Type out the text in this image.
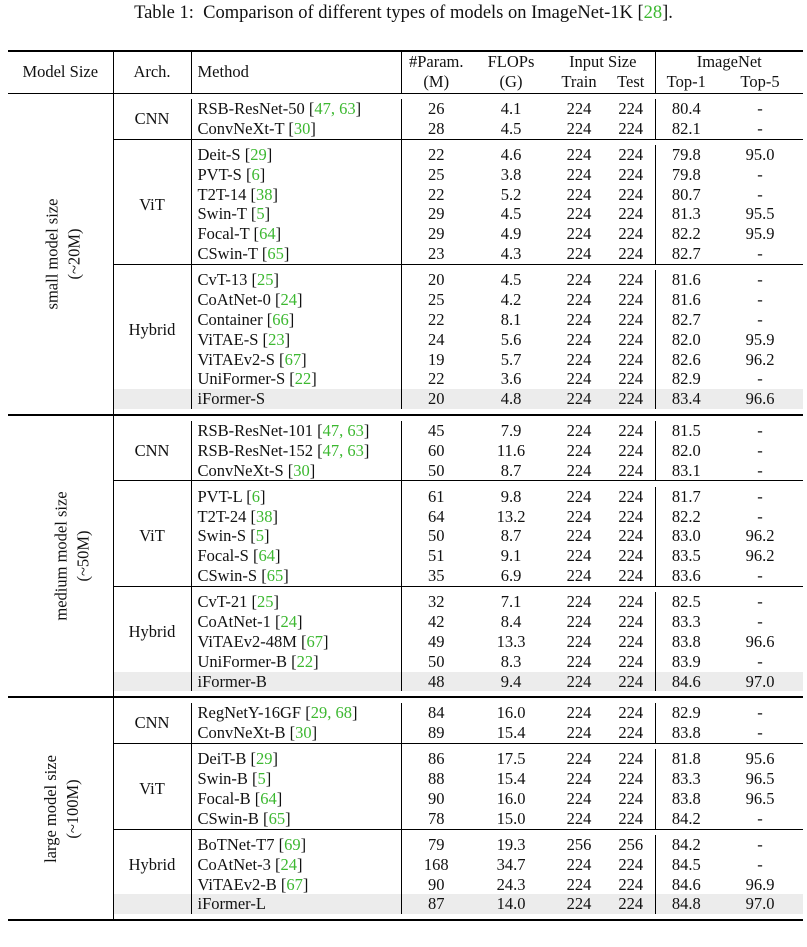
Table 1: Comparison of different types of models on ImageNet-1K [28].
Model Size	Arch.	Method	#Param.	FLOPs	Input Size		ImageNet	
			(M)	(G)	Train	Test	Top-1	Top-5

small model size (~20M)								

	CNN	RSB-ResNet-50 [47, 63]	26	4.1	224	224	80.4	-
		ConvNeXt-T [30]	28	4.5	224	224	82.1	-

	ViT	Deit-S [29]	22	4.6	224	224	79.8	95.0
		PVT-S [6]	25	3.8	224	224	79.8	-
		T2T-14 [38]	22	5.2	224	224	80.7	-
		Swin-T [5]	29	4.5	224	224	81.3	95.5
		Focal-T [64]	29	4.9	224	224	82.2	95.9
		CSwin-T [65]	23	4.3	224	224	82.7	-

	Hybrid	CvT-13 [25]	20	4.5	224	224	81.6	-
		CoAtNet-0 [24]	25	4.2	224	224	81.6	-
		Container [66]	22	8.1	224	224	82.7	-
		ViTAE-S [23]	24	5.6	224	224	82.0	95.9
		ViTAEv2-S [67]	19	5.7	224	224	82.6	96.2
		UniFormer-S [22]	22	3.6	224	224	82.9	-
		iFormer-S	20	4.8	224	224	83.4	96.6

medium model size (~50M)								

	CNN	RSB-ResNet-101 [47, 63]	45	7.9	224	224	81.5	-
		RSB-ResNet-152 [47, 63]	60	11.6	224	224	82.0	-
		ConvNeXt-S [30]	50	8.7	224	224	83.1	-

	ViT	PVT-L [6]	61	9.8	224	224	81.7	-
		T2T-24 [38]	64	13.2	224	224	82.2	-
		Swin-S [5]	50	8.7	224	224	83.0	96.2
		Focal-S [64]	51	9.1	224	224	83.5	96.2
		CSwin-S [65]	35	6.9	224	224	83.6	-

	Hybrid	CvT-21 [25]	32	7.1	224	224	82.5	-
		CoAtNet-1 [24]	42	8.4	224	224	83.3	-
		ViTAEv2-48M [67]	49	13.3	224	224	83.8	96.6
		UniFormer-B [22]	50	8.3	224	224	83.9	-
		iFormer-B	48	9.4	224	224	84.6	97.0

large model size (~100M)								

	CNN	RegNetY-16GF [29, 68]	84	16.0	224	224	82.9	-
		ConvNeXt-B [30]	89	15.4	224	224	83.8	-

	ViT	DeiT-B [29]	86	17.5	224	224	81.8	95.6
		Swin-B [5]	88	15.4	224	224	83.3	96.5
		Focal-B [64]	90	16.0	224	224	83.8	96.5
		CSwin-B [65]	78	15.0	224	224	84.2	-

	Hybrid	BoTNet-T7 [69]	79	19.3	256	256	84.2	-
		CoAtNet-3 [24]	168	34.7	224	224	84.5	-
		ViTAEv2-B [67]	90	24.3	224	224	84.6	96.9
		iFormer-L	87	14.0	224	224	84.8	97.0
